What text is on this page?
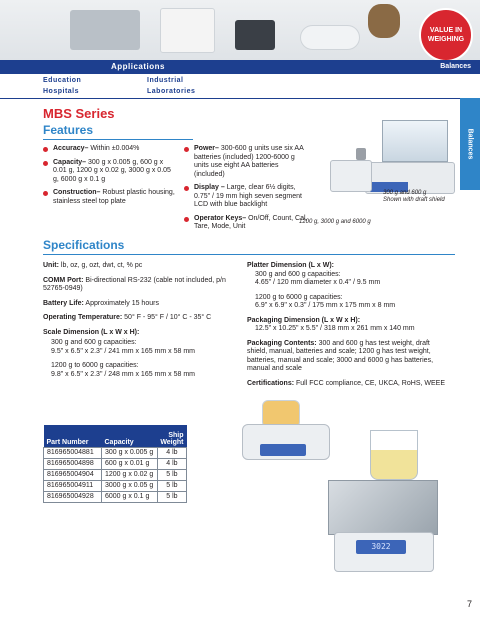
VALUE IN
WEIGHING
Applications	Balances
Education	Industrial
Hospitals	Laboratories
Balances
MBS Series
Features
Accuracy– Within ±0.004%
Capacity– 300 g x 0.005 g, 600 g x 0.01 g, 1200 g x 0.02 g, 3000 g x 0.05 g, 6000 g x 0.1 g
Construction– Robust plastic housing, stainless steel top plate
Power– 300-600 g units use six AA batteries (included) 1200-6000 g units use eight AA batteries (included)
Display – Large, clear 6½ digits, 0.75" / 19 mm high seven segment LCD with blue backlight
Operator Keys– On/Off, Count, Cal, Tare, Mode, Unit
300 g and 600 g
Shown with draft shield
1200 g, 3000 g and 6000 g
Specifications

Unit: lb, oz, g, ozt, dwt, ct, % pc

COMM Port: Bi-directional RS-232 (cable not included, p/n 52765-0949)

Battery Life: Approximately 15 hours

Operating Temperature: 50° F - 95° F / 10° C - 35° C

Scale Dimension (L x W x H):

300 g and 600 g capacities:
9.5" x 6.5" x 2.3" / 241 mm x 165 mm x 58 mm
1200 g to 6000 g capacities:
9.8" x 6.5" x 2.3" / 248 mm x 165 mm x 58 mm

Platter Dimension (L x W):

300 g and 600 g capacities:
4.65" / 120 mm diameter x 0.4" / 9.5 mm
1200 g to 6000 g capacities:
6.9" x 6.9" x 0.3" / 175 mm x 175 mm x 8 mm

Packaging Dimension (L x W x H):

12.5" x 10.25" x 5.5" / 318 mm x 261 mm x 140 mm

Packaging Contents: 300 and 600 g has test weight, draft shield, manual, batteries and scale; 1200 g has test weight, batteries, manual and scale; 3000 and 6000 g has batteries, manual and scale

Certifications: Full FCC compliance, CE, UKCA, RoHS, WEEE

Part Number	Capacity	Ship Weight
816965004881	300 g x 0.005 g	4 lb
816965004898	600 g x 0.01 g	4 lb
816965004904	1200 g x 0.02 g	5 lb
816965004911	3000 g x 0.05 g	5 lb
816965004928	6000 g x 0.1 g	5 lb
3022
7
